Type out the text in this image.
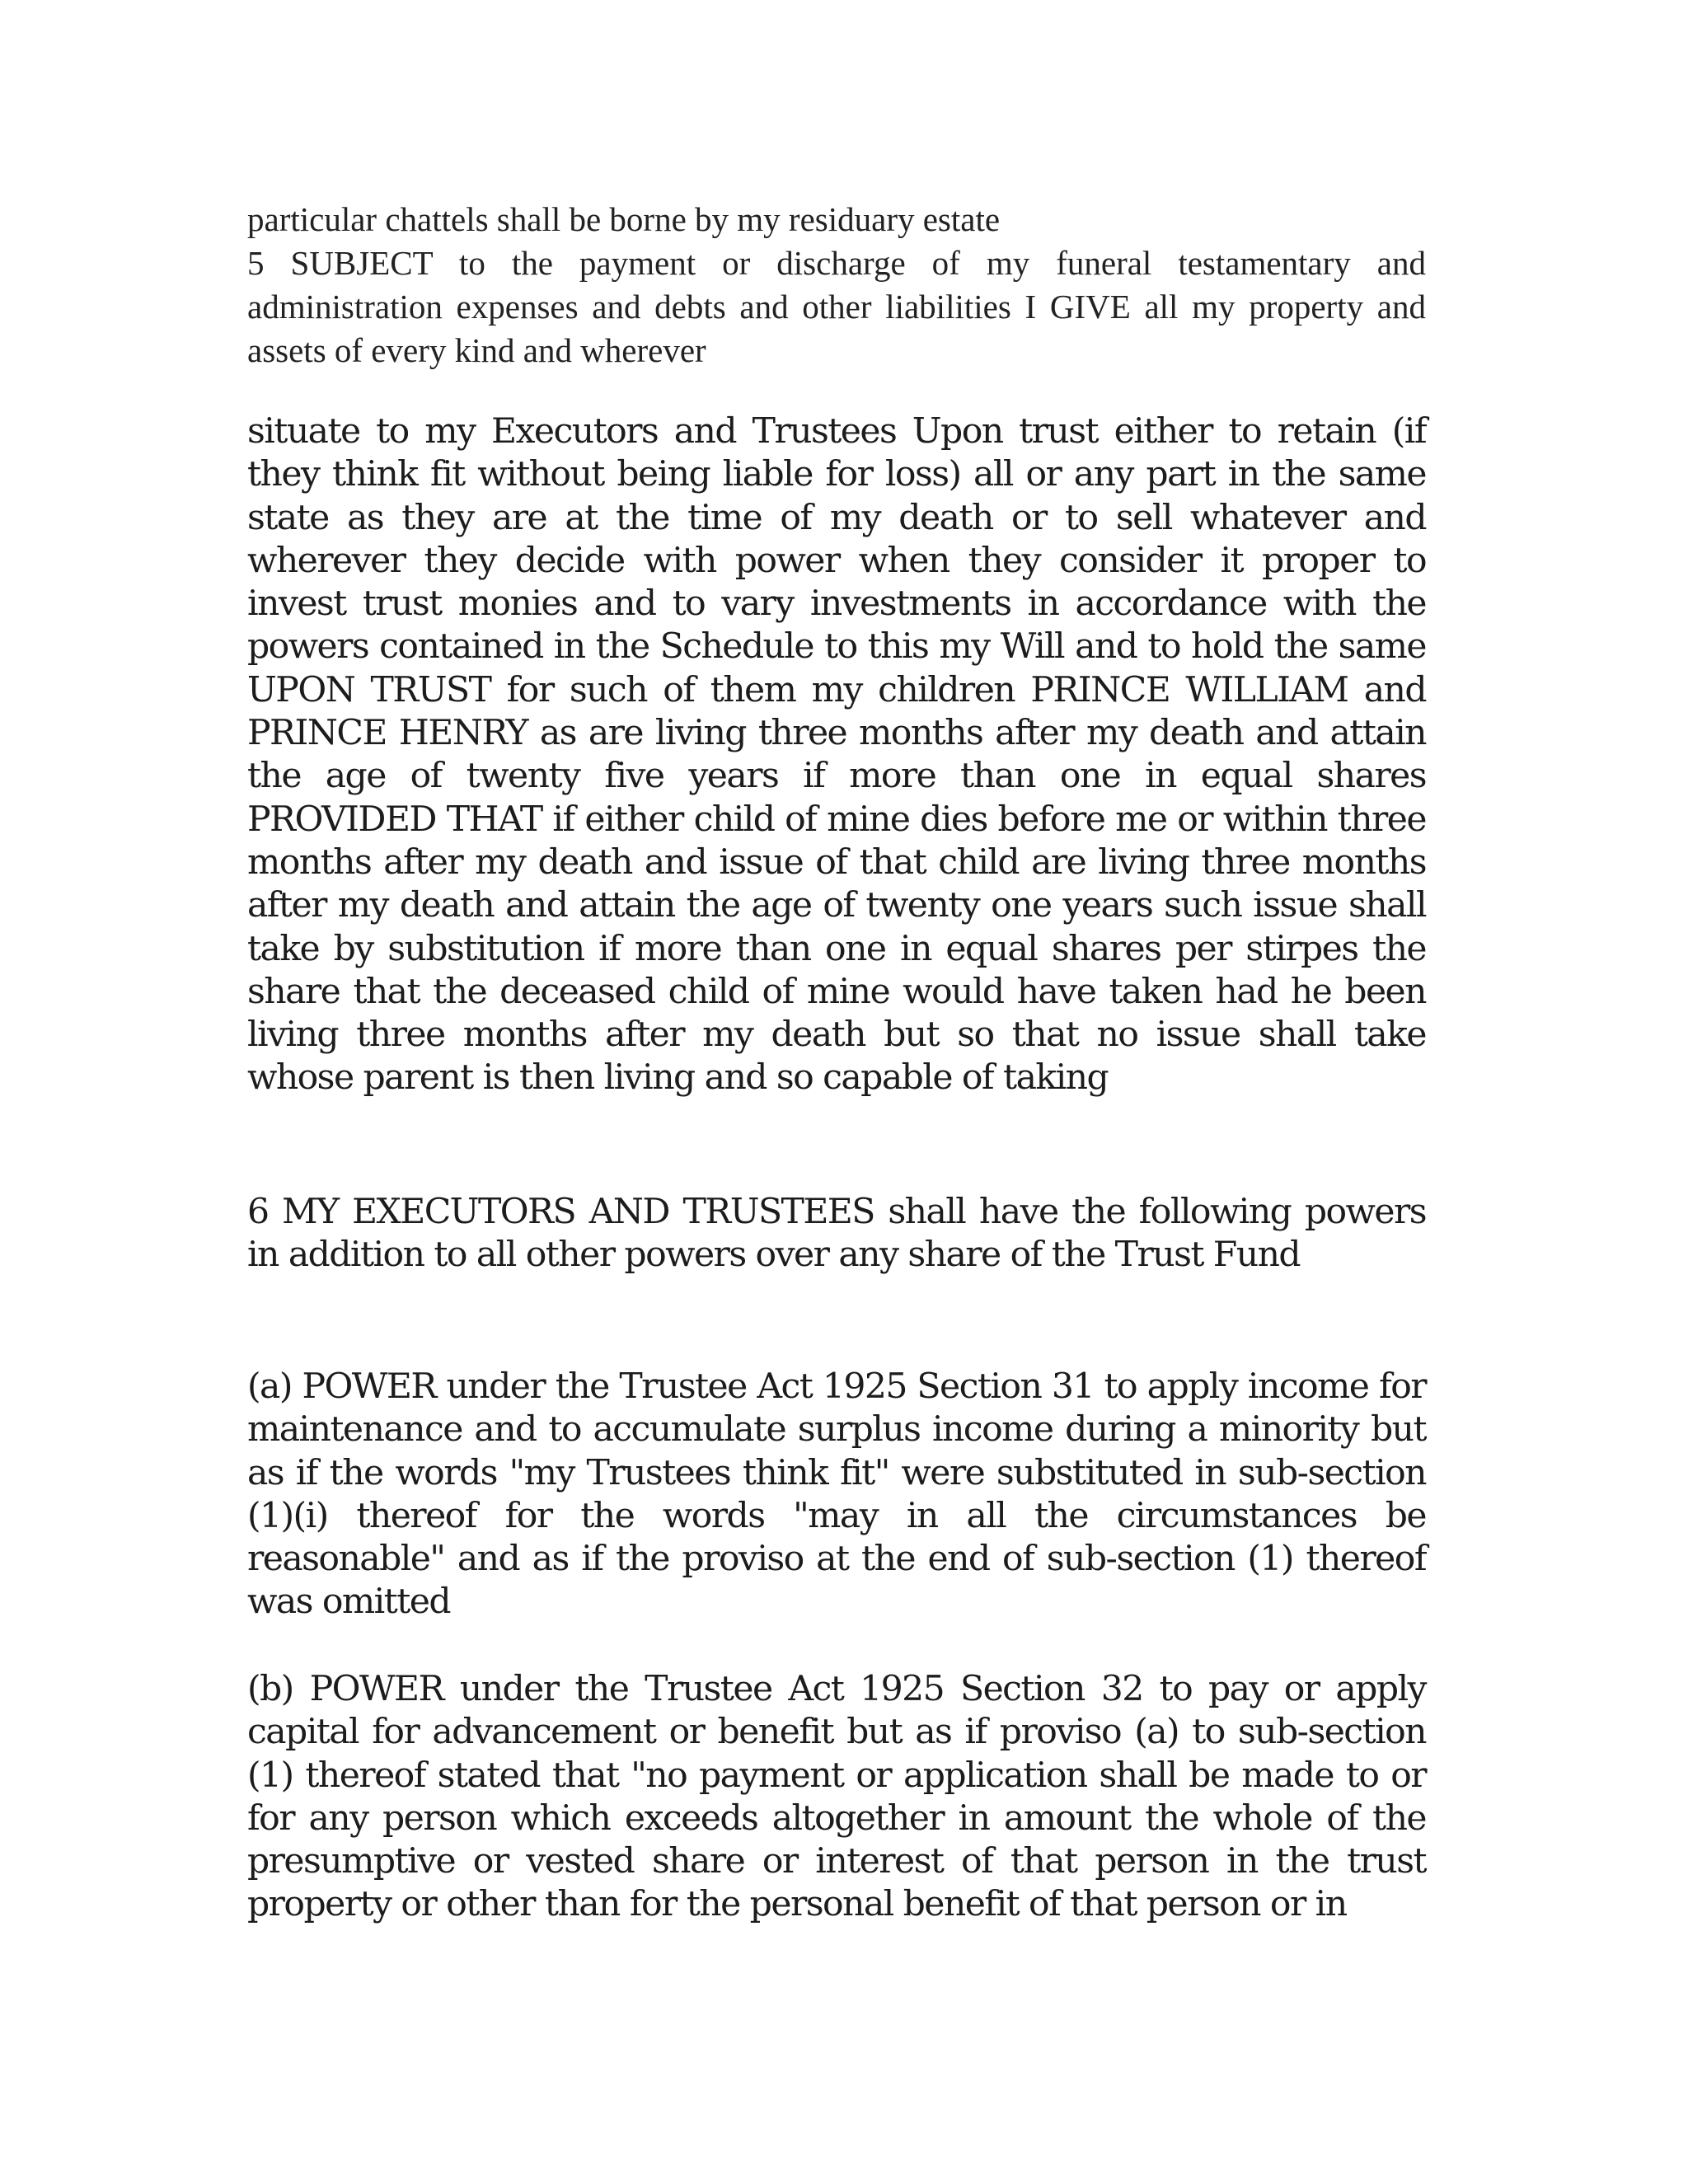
particular chattels shall be borne by my residuary estate

5 SUBJECT to the payment or discharge of my funeral testamentary and administration expenses and debts and other liabilities I GIVE all my property and assets of every kind and wherever

situate to my Executors and Trustees Upon trust either to retain (if they think fit without being liable for loss) all or any part in the same state as they are at the time of my death or to sell whatever and wherever they decide with power when they consider it proper to invest trust monies and to vary investments in accordance with the powers contained in the Schedule to this my Will and to hold the same UPON TRUST for such of them my children PRINCE WILLIAM and PRINCE HENRY as are living three months after my death and attain the age of twenty five years if more than one in equal shares PROVIDED THAT if either child of mine dies before me or within three months after my death and issue of that child are living three months after my death and attain the age of twenty one years such issue shall take by substitution if more than one in equal shares per stirpes the share that the deceased child of mine would have taken had he been living three months after my death but so that no issue shall take whose parent is then living and so capable of taking

6 MY EXECUTORS AND TRUSTEES shall have the following powers in addition to all other powers over any share of the Trust Fund

(a) POWER under the Trustee Act 1925 Section 31 to apply income for maintenance and to accumulate surplus income during a minority but as if the words "my Trustees think fit" were substituted in sub-section (1)(i) thereof for the words "may in all the circumstances be reasonable" and as if the proviso at the end of sub-section (1) thereof was omitted

(b) POWER under the Trustee Act 1925 Section 32 to pay or apply capital for advancement or benefit but as if proviso (a) to sub-section (1) thereof stated that "no payment or application shall be made to or for any person which exceeds altogether in amount the whole of the presumptive or vested share or interest of that person in the trust property or other than for the personal benefit of that person or in
